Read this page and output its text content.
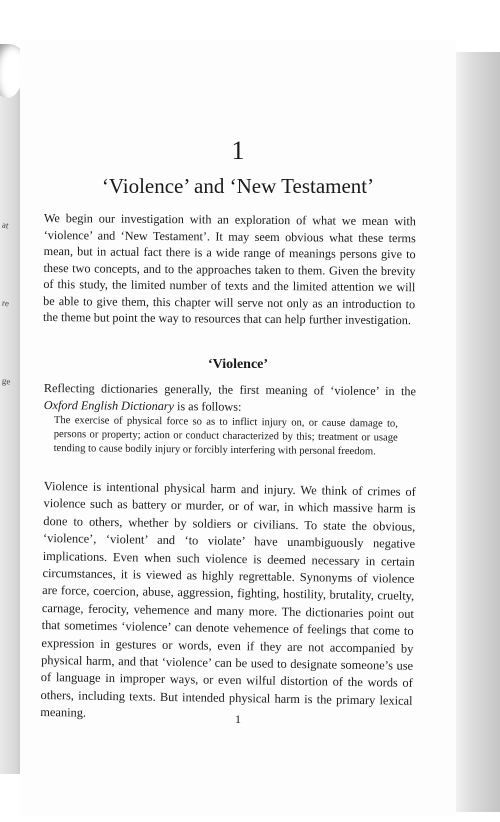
at
re
ge
1
‘Violence’ and ‘New Testament’

We begin our investigation with an exploration of what we mean with ‘violence’ and ‘New Testament’. It may seem obvious what these terms mean, but in actual fact there is a wide range of meanings persons give to these two concepts, and to the approaches taken to them. Given the brevity of this study, the limited number of texts and the limited attention we will be able to give them, this chapter will serve not only as an introduction to the theme but point the way to resources that can help further investigation.

‘Violence’

Reflecting dictionaries generally, the first meaning of ‘violence’ in the Oxford English Dictionary is as follows:

The exercise of physical force so as to inflict injury on, or cause damage to, persons or property; action or conduct characterized by this; treatment or usage tending to cause bodily injury or forcibly interfering with personal freedom.

Violence is intentional physical harm and injury. We think of crimes of violence such as battery or murder, or of war, in which massive harm is done to others, whether by soldiers or civilians. To state the obvious, ‘violence’, ‘violent’ and ‘to violate’ have unambiguously negative implications. Even when such violence is deemed necessary in certain circumstances, it is viewed as highly regrettable. Synonyms of violence are force, coercion, abuse, aggression, fighting, hostility, brutality, cruelty, carnage, ferocity, vehemence and many more. The dictionaries point out that sometimes ‘violence’ can denote vehemence of feelings that come to expression in gestures or words, even if they are not accompanied by physical harm, and that ‘violence’ can be used to designate someone’s use of language in improper ways, or even wilful distortion of the words of others, including texts. But intended physical harm is the primary lexical meaning.	1
